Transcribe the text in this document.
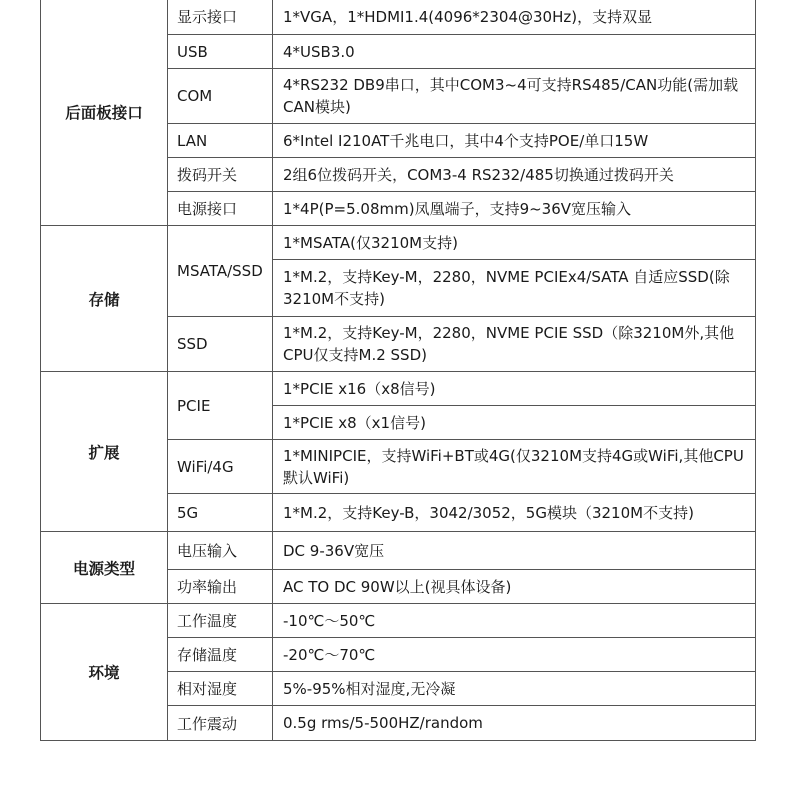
后面板接口	显示接口	1*VGA，1*HDMI1.4(4096*2304@30Hz)，支持双显
	USB	4*USB3.0
	COM	4*RS232 DB9串口，其中COM3~4可支持RS485/CAN功能(需加载CAN模块)
	LAN	6*Intel I210AT千兆电口，其中4个支持POE/单口15W
	拨码开关	2组6位拨码开关，COM3-4 RS232/485切换通过拨码开关
	电源接口	1*4P(P=5.08mm)凤凰端子，支持9~36V宽压输入
存储	MSATA/SSD	1*MSATA(仅3210M支持)
		1*M.2，支持Key-M，2280，NVME PCIEx4/SATA 自适应SSD(除3210M不支持)
	SSD	1*M.2，支持Key-M，2280，NVME PCIE SSD（除3210M外,其他CPU仅支持M.2 SSD)
扩展	PCIE	1*PCIE x16（x8信号)
		1*PCIE x8（x1信号)
	WiFi/4G	1*MINIPCIE，支持WiFi+BT或4G(仅3210M支持4G或WiFi,其他CPU默认WiFi)
	5G	1*M.2，支持Key-B，3042/3052，5G模块（3210M不支持)
电源类型	电压输入	DC 9-36V宽压
	功率输出	AC TO DC 90W以上(视具体设备)
环境	工作温度	-10℃～50℃
	存储温度	-20℃～70℃
	相对湿度	5%-95%相对湿度,无冷凝
	工作震动	0.5g rms/5-500HZ/random
